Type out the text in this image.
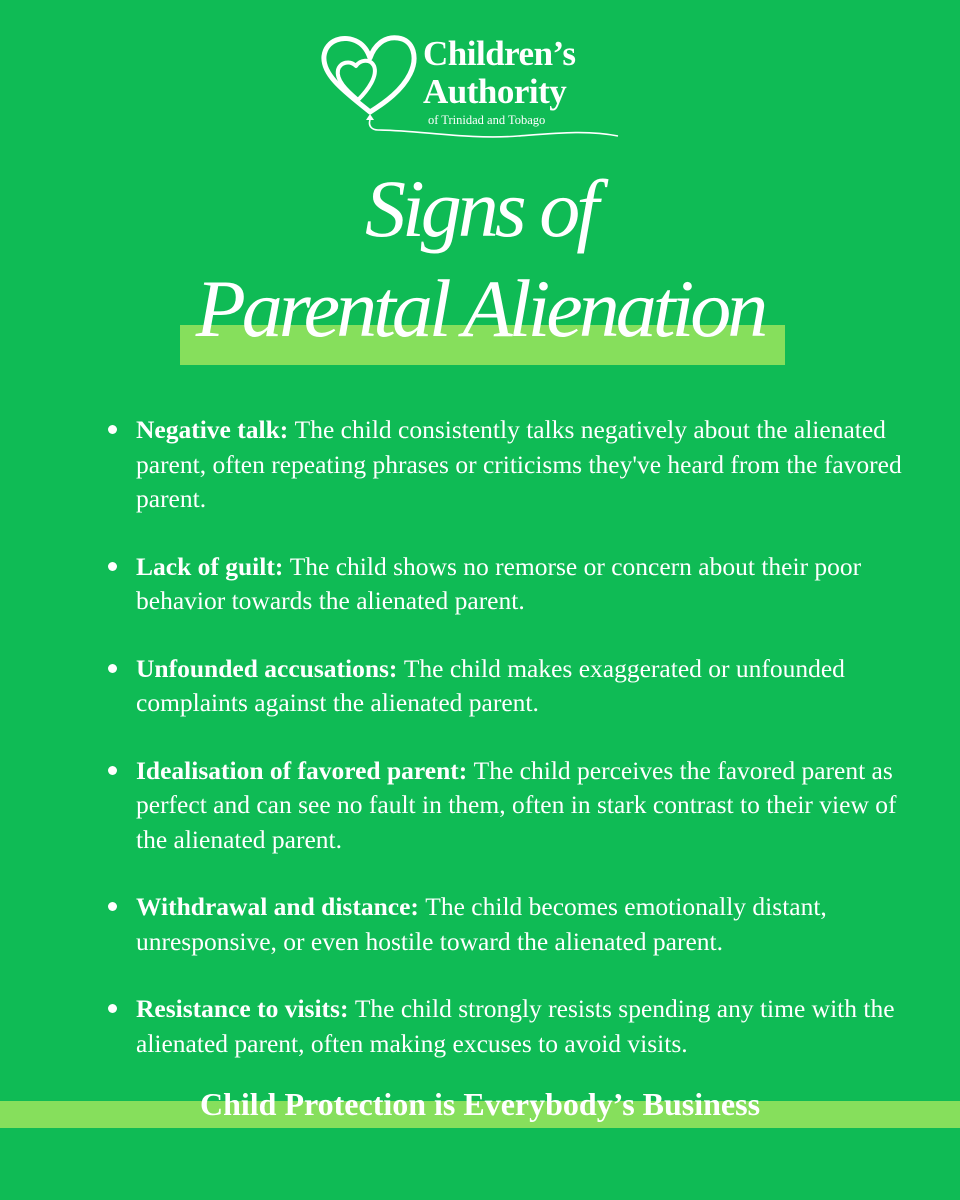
Children’s
Authority
of Trinidad and Tobago
Signs of
Parental Alienation
Negative talk: The child consistently talks negatively about the alienated parent, often repeating phrases or criticisms they've heard from the favored parent.
Lack of guilt: The child shows no remorse or concern about their poor behavior towards the alienated parent.
Unfounded accusations: The child makes exaggerated or unfounded complaints against the alienated parent.
Idealisation of favored parent: The child perceives the favored parent as perfect and can see no fault in them, often in stark contrast to their view of the alienated parent.
Withdrawal and distance: The child becomes emotionally distant, unresponsive, or even hostile toward the alienated parent.
Resistance to visits: The child strongly resists spending any time with the alienated parent, often making excuses to avoid visits.
Child Protection is Everybody’s Business
